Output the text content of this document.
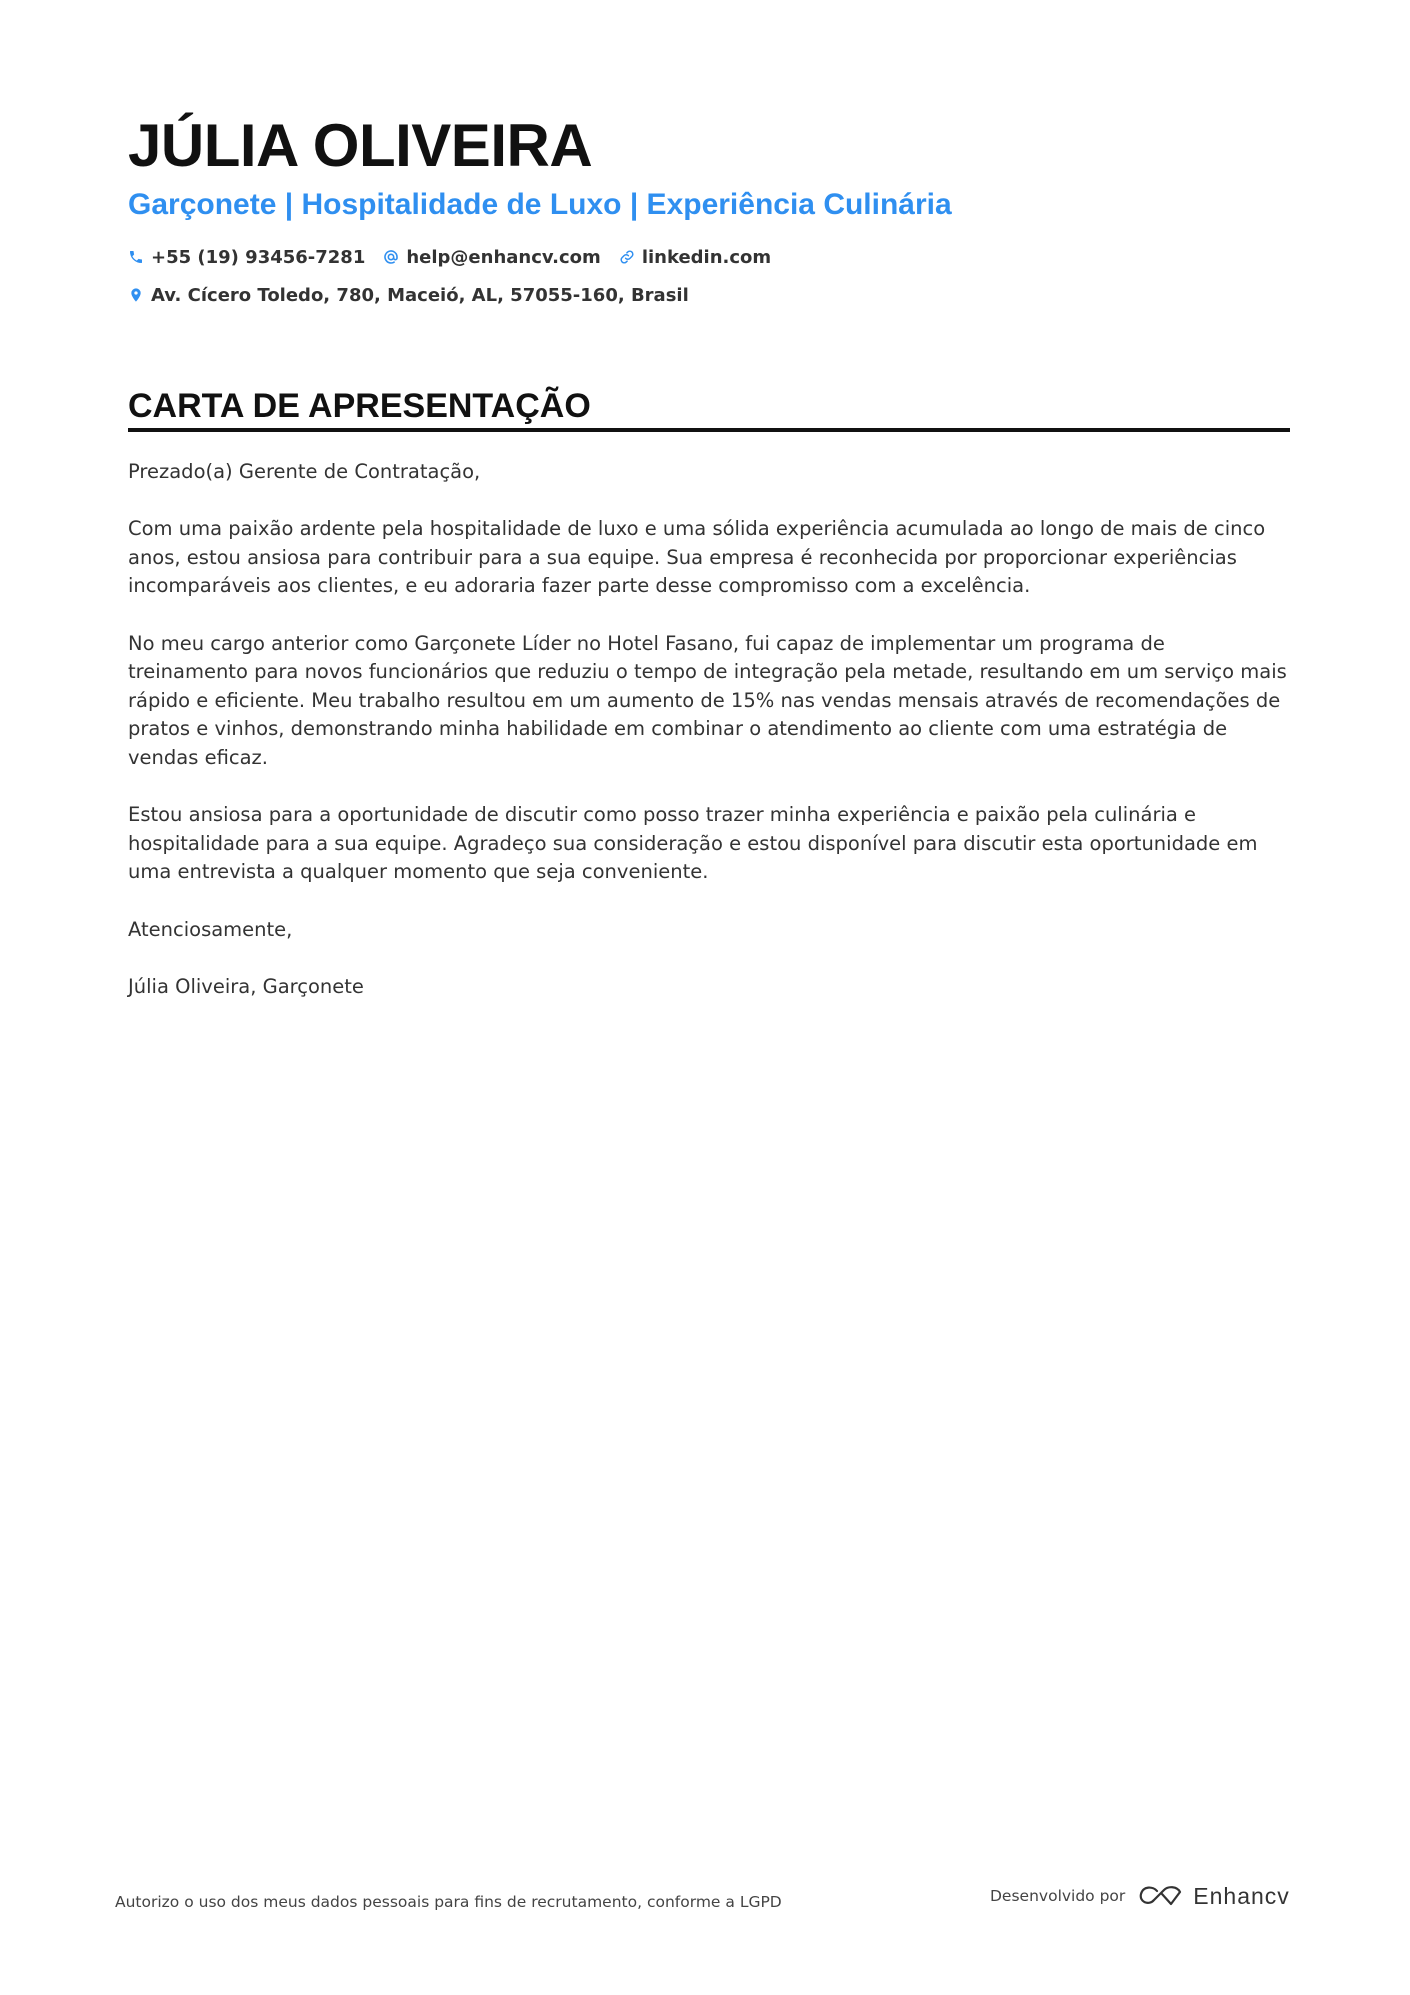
JÚLIA OLIVEIRA
Garçonete | Hospitalidade de Luxo | Experiência Culinária
+55 (19) 93456-7281 help@enhancv.com linkedin.com
Av. Cícero Toledo, 780, Maceió, AL, 57055-160, Brasil
CARTA DE APRESENTAÇÃO

Prezado(a) Gerente de Contratação,

Com uma paixão ardente pela hospitalidade de luxo e uma sólida experiência acumulada ao longo de mais de cinco anos, estou ansiosa para contribuir para a sua equipe. Sua empresa é reconhecida por proporcionar experiências incomparáveis aos clientes, e eu adoraria fazer parte desse compromisso com a excelência.

No meu cargo anterior como Garçonete Líder no Hotel Fasano, fui capaz de implementar um programa de treinamento para novos funcionários que reduziu o tempo de integração pela metade, resultando em um serviço mais rápido e eficiente. Meu trabalho resultou em um aumento de 15% nas vendas mensais através de recomendações de pratos e vinhos, demonstrando minha habilidade em combinar o atendimento ao cliente com uma estratégia de vendas eficaz.

Estou ansiosa para a oportunidade de discutir como posso trazer minha experiência e paixão pela culinária e hospitalidade para a sua equipe. Agradeço sua consideração e estou disponível para discutir esta oportunidade em uma entrevista a qualquer momento que seja conveniente.

Atenciosamente,

Júlia Oliveira, Garçonete

Autorizo o uso dos meus dados pessoais para fins de recrutamento, conforme a LGPD	Desenvolvido por	Enhancv
